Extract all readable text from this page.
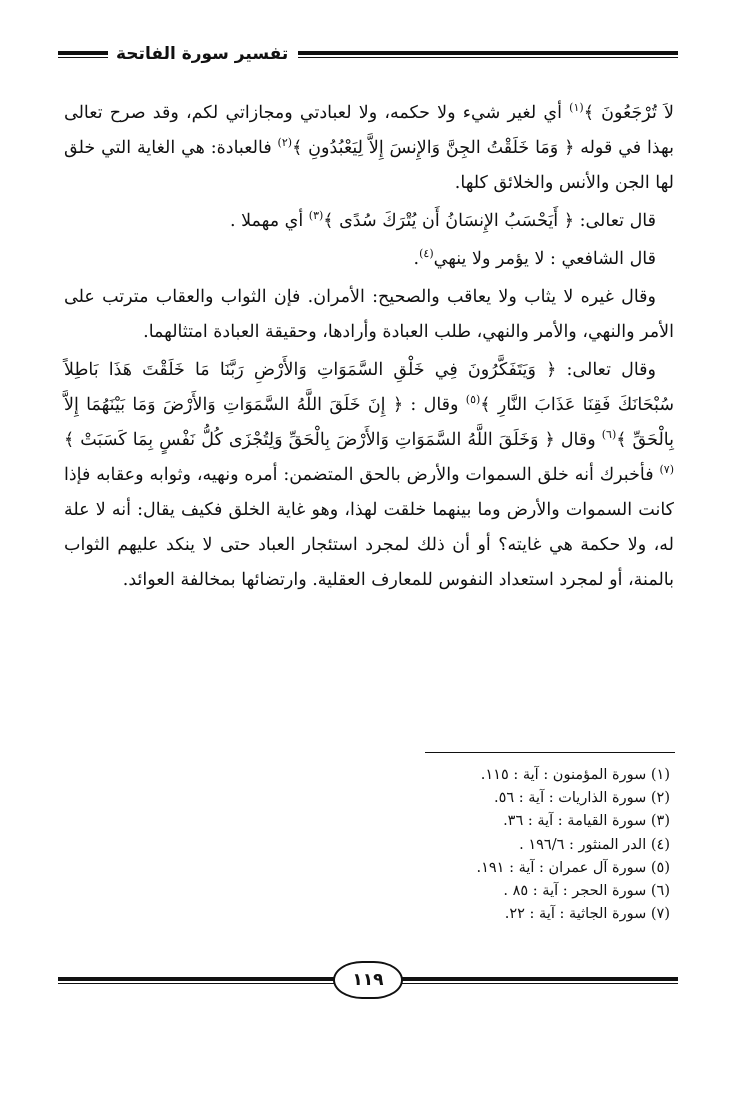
تفسير سورة الفاتحة

لاَ تُرْجَعُونَ ﴾$^{(١)}$ أي لغير شيء ولا حكمه، ولا لعبادتي ومجازاتي لكم، وقد صرح تعالى بهذا في قوله ﴿ وَمَا خَلَقْتُ الجِنَّ وَالإِنسَ إِلاَّ لِيَعْبُدُونِ ﴾$^{(٢)}$ فالعبادة: هي الغاية التي خلق لها الجن والأنس والخلائق كلها.

قال تعالى: ﴿ أَيَحْسَبُ الإِنسَانُ أَن يُتْرَكَ سُدًى ﴾$^{(٣)}$ أي مهملا .

قال الشافعي : لا يؤمر ولا ينهي$^{(٤)}$.

وقال غيره لا يثاب ولا يعاقب والصحيح: الأمران. فإن الثواب والعقاب مترتب على الأمر والنهي، والأمر والنهي، طلب العبادة وأرادها، وحقيقة العبادة امتثالهما.

وقال تعالى: ﴿ وَيَتَفَكَّرُونَ فِي خَلْقِ السَّمَوَاتِ وَالأَرْضِ رَبَّنَا مَا خَلَقْتَ هَذَا بَاطِلاً سُبْحَانَكَ فَقِنَا عَذَابَ النَّارِ ﴾$^{(٥)}$ وقال : ﴿ إِنَ خَلَقَ اللَّهُ السَّمَوَاتِ وَالأَرْضَ وَمَا بَيْنَهُمَا إِلاَّ بِالْحَقِّ ﴾$^{(٦)}$ وقال ﴿ وَخَلَقَ اللَّهُ السَّمَوَاتِ وَالأَرْضَ بِالْحَقِّ وَلِتُجْزَى كُلُّ نَفْسٍ بِمَا كَسَبَتْ ﴾$^{(٧)}$ فأخبرك أنه خلق السموات والأرض بالحق المتضمن: أمره ونهيه، وثوابه وعقابه فإذا كانت السموات والأرض وما بينهما خلقت لهذا، وهو غاية الخلق فكيف يقال: أنه لا علة له، ولا حكمة هي غايته؟ أو أن ذلك لمجرد استئجار العباد حتى لا ينكد عليهم الثواب بالمنة، أو لمجرد استعداد النفوس للمعارف العقلية. وارتضائها بمخالفة العوائد.

(١) سورة المؤمنون : آية : ١١٥.
(٢) سورة الذاريات : آية : ٥٦.
(٣) سورة القيامة : آية : ٣٦.
(٤) الدر المنثور : ١٩٦/٦ .
(٥) سورة آل عمران : آية : ١٩١.
(٦) سورة الحجر : آية : ٨٥ .
(٧) سورة الجاثية : آية : ٢٢.
١١٩
